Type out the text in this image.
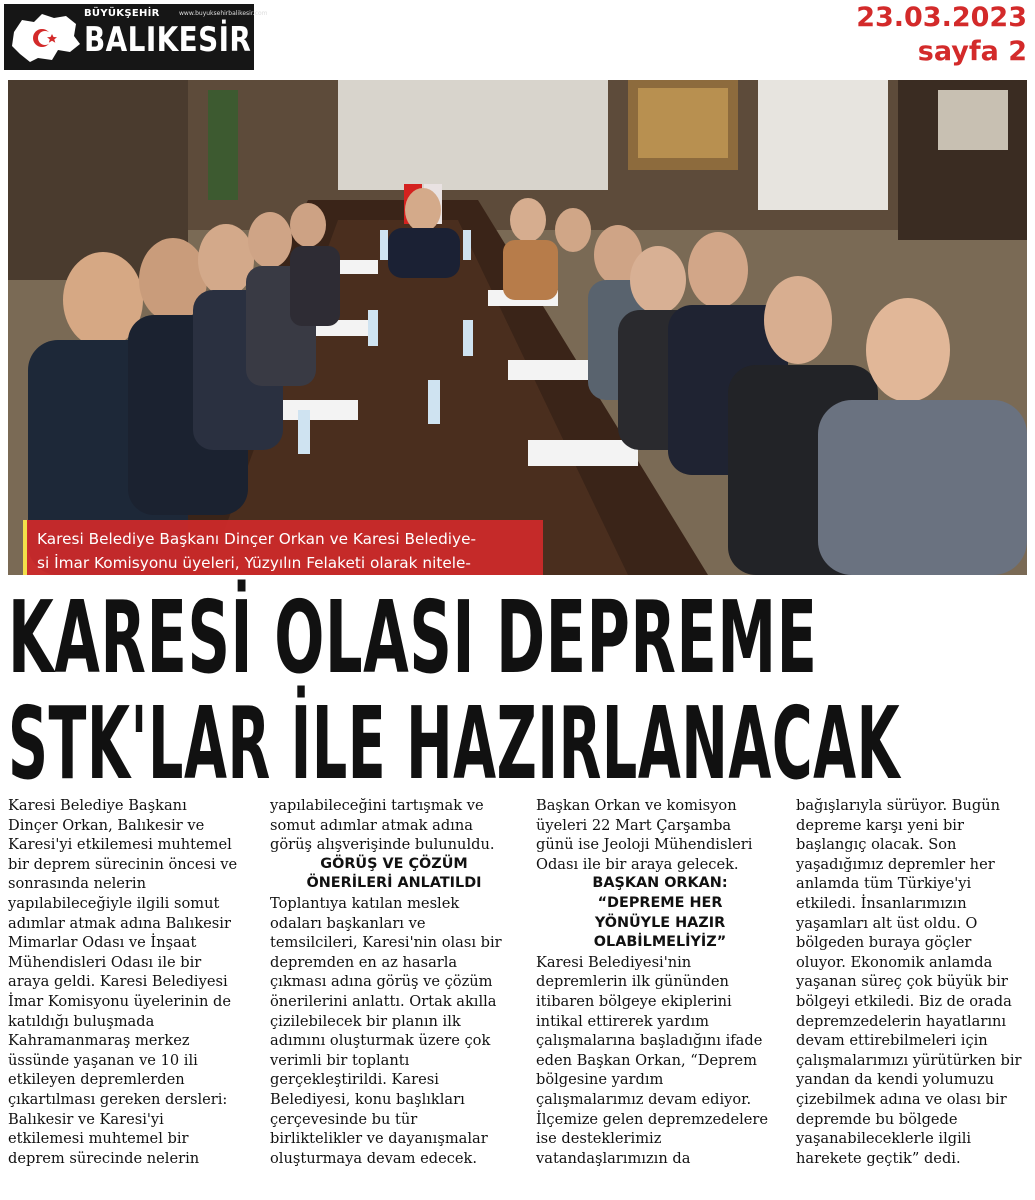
BÜYÜKŞEHİR	www.buyuksehirbalikesir.com
BALIKESİR
23.03.2023
sayfa 2
Karesi Belediye Başkanı Dinçer Orkan ve Karesi Belediye-
si İmar Komisyonu üyeleri, Yüzyılın Felaketi olarak nitele-
KARESİ OLASI DEPREME
STK'LAR İLE HAZIRLANACAK
Karesi Belediye Başkanı
Dinçer Orkan, Balıkesir ve
Karesi'yi etkilemesi muhtemel
bir deprem sürecinin öncesi ve
sonrasında nelerin
yapılabileceğiyle ilgili somut
adımlar atmak adına Balıkesir
Mimarlar Odası ve İnşaat
Mühendisleri Odası ile bir
araya geldi. Karesi Belediyesi
İmar Komisyonu üyelerinin de
katıldığı buluşmada
Kahramanmaraş merkez
üssünde yaşanan ve 10 ili
etkileyen depremlerden
çıkartılması gereken dersleri:
Balıkesir ve Karesi'yi
etkilemesi muhtemel bir
deprem sürecinde nelerin
yapılabileceğini tartışmak ve
somut adımlar atmak adına
görüş alışverişinde bulunuldu.
GÖRÜŞ VE ÇÖZÜM
ÖNERİLERİ ANLATILDI
Toplantıya katılan meslek
odaları başkanları ve
temsilcileri, Karesi'nin olası bir
depremden en az hasarla
çıkması adına görüş ve çözüm
önerilerini anlattı. Ortak akılla
çizilebilecek bir planın ilk
adımını oluşturmak üzere çok
verimli bir toplantı
gerçekleştirildi. Karesi
Belediyesi, konu başlıkları
çerçevesinde bu tür
birliktelikler ve dayanışmalar
oluşturmaya devam edecek.
Başkan Orkan ve komisyon
üyeleri 22 Mart Çarşamba
günü ise Jeoloji Mühendisleri
Odası ile bir araya gelecek.
BAŞKAN ORKAN:
“DEPREME HER
YÖNÜYLE HAZIR
OLABİLMELİYİZ”
Karesi Belediyesi'nin
depremlerin ilk gününden
itibaren bölgeye ekiplerini
intikal ettirerek yardım
çalışmalarına başladığını ifade
eden Başkan Orkan, “Deprem
bölgesine yardım
çalışmalarımız devam ediyor.
İlçemize gelen depremzedelere
ise desteklerimiz
vatandaşlarımızın da
bağışlarıyla sürüyor. Bugün
depreme karşı yeni bir
başlangıç olacak. Son
yaşadığımız depremler her
anlamda tüm Türkiye'yi
etkiledi. İnsanlarımızın
yaşamları alt üst oldu. O
bölgeden buraya göçler
oluyor. Ekonomik anlamda
yaşanan süreç çok büyük bir
bölgeyi etkiledi. Biz de orada
depremzedelerin hayatlarını
devam ettirebilmeleri için
çalışmalarımızı yürütürken bir
yandan da kendi yolumuzu
çizebilmek adına ve olası bir
depremde bu bölgede
yaşanabileceklerle ilgili
harekete geçtik” dedi.
